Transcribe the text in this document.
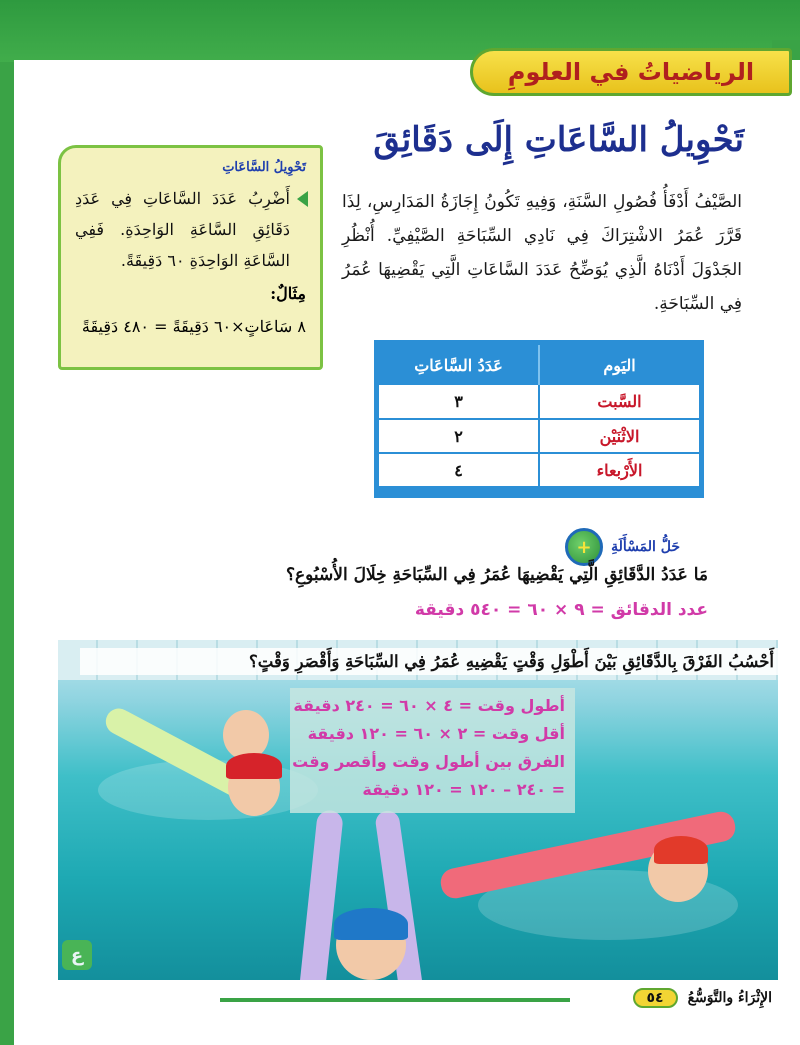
الرياضياتُ في العلومِ
تَحْوِيلُ السَّاعَاتِ إِلَى دَقَائِقَ
الصَّيْفُ أَدْفَأُ فُصُولِ السَّنَةِ، وَفِيهِ تَكُونُ إِجَازَةُ المَدَارِسِ، لِذَا قَرَّرَ عُمَرُ الاشْتِرَاكَ فِي نَادِي السِّبَاحَةِ الصَّيْفِيِّ. أُنْظُرِ الجَدْوَلَ أَدْنَاهُ الَّذِي يُوَضِّحُ عَدَدَ السَّاعَاتِ الَّتِي يَقْضِيهَا عُمَرُ فِي السِّبَاحَةِ.
تَحْوِيلُ السَّاعَاتِ
أَضْرِبُ عَدَدَ السَّاعَاتِ فِي عَدَدِ دَقَائِقِ السَّاعَةِ الوَاحِدَةِ. فَفِي السَّاعَةِ الوَاحِدَةِ ٦٠ دَقِيقَةً.
مِثَالٌ:
٨ سَاعَاتٍ×٦٠ دَقِيقَةً = ٤٨٠ دَقِيقَةً
اليَوم	عَدَدُ السَّاعَاتِ
السَّبت	٣
الاثْنَيْن	٢
الأَرْبعاء	٤
حَلُّ المَسْأَلَةِ
+
مَا عَدَدُ الدَّقَائِقِ الَّتِي يَقْضِيهَا عُمَرُ فِي السِّبَاحَةِ خِلَالَ الأُسْبُوعِ؟
عدد الدقائق = ٩ × ٦٠ = ٥٤٠ دقيقة
أَحْسُبُ الفَرْقَ بِالدَّقَائِقِ بَيْنَ أَطْوَلِ وَقْتٍ يَقْضِيهِ عُمَرُ فِي السِّبَاحَةِ وَأَقْصَرِ وَقْتٍ؟
أطول وقت = ٤ × ٦٠ = ٢٤٠ دقيقة
أقل وقت = ٢ × ٦٠ = ١٢٠ دقيقة
الفرق بين أطول وقت وأقصر وقت
= ٢٤٠ – ١٢٠ = ١٢٠ دقيقة
ع
الإِثْرَاءُ والتَّوَسُّعُ
٥٤
